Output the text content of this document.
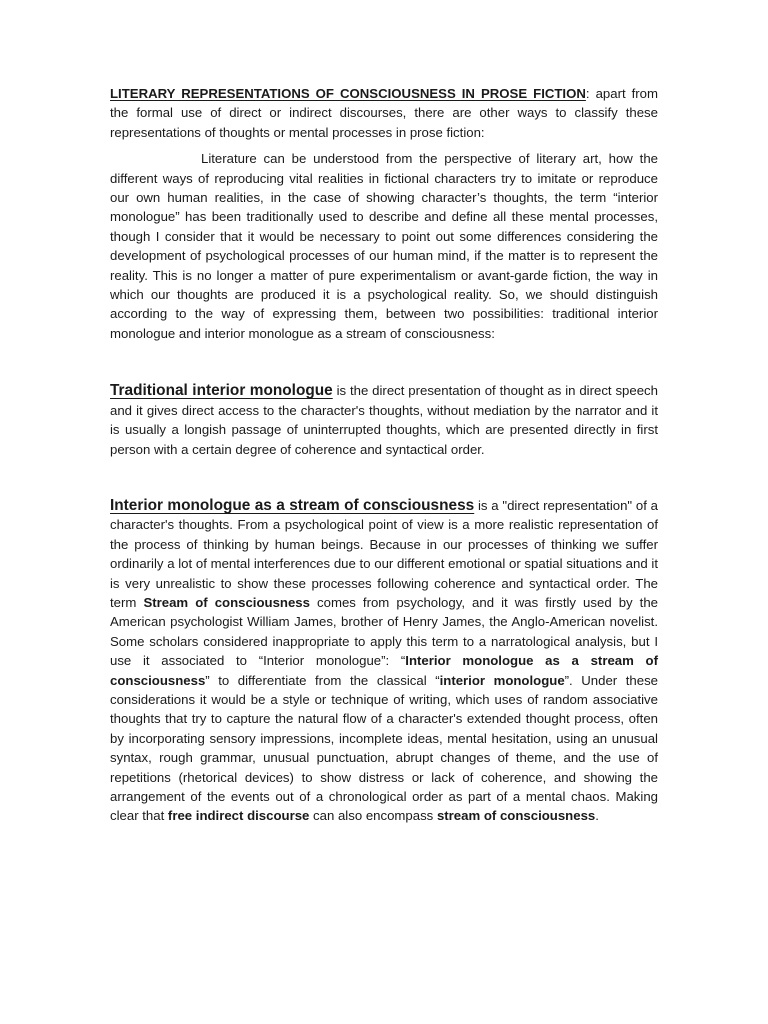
LITERARY REPRESENTATIONS OF CONSCIOUSNESS IN PROSE FICTION: apart from the formal use of direct or indirect discourses, there are other ways to classify these representations of thoughts or mental processes in prose fiction:

Literature can be understood from the perspective of literary art, how the different ways of reproducing vital realities in fictional characters try to imitate or reproduce our own human realities, in the case of showing character’s thoughts, the term “interior monologue” has been traditionally used to describe and define all these mental processes, though I consider that it would be necessary to point out some differences considering the development of psychological processes of our human mind, if the matter is to represent the reality. This is no longer a matter of pure experimentalism or avant-garde fiction, the way in which our thoughts are produced it is a psychological reality. So, we should distinguish according to the way of expressing them, between two possibilities: traditional interior monologue and interior monologue as a stream of consciousness:

Traditional interior monologue is the direct presentation of thought as in direct speech and it gives direct access to the character's thoughts, without mediation by the narrator and it is usually a longish passage of uninterrupted thoughts, which are presented directly in first person with a certain degree of coherence and syntactical order.

Interior monologue as a stream of consciousness is a "direct representation" of a character's thoughts. From a psychological point of view is a more realistic representation of the process of thinking by human beings. Because in our processes of thinking we suffer ordinarily a lot of mental interferences due to our different emotional or spatial situations and it is very unrealistic to show these processes following coherence and syntactical order. The term Stream of consciousness comes from psychology, and it was firstly used by the American psychologist William James, brother of Henry James, the Anglo-American novelist. Some scholars considered inappropriate to apply this term to a narratological analysis, but I use it associated to “Interior monologue”: “Interior monologue as a stream of consciousness” to differentiate from the classical “interior monologue”. Under these considerations it would be a style or technique of writing, which uses of random associative thoughts that try to capture the natural flow of a character's extended thought process, often by incorporating sensory impressions, incomplete ideas, mental hesitation, using an unusual syntax, rough grammar, unusual punctuation, abrupt changes of theme, and the use of repetitions (rhetorical devices) to show distress or lack of coherence, and showing the arrangement of the events out of a chronological order as part of a mental chaos. Making clear that free indirect discourse can also encompass stream of consciousness.
